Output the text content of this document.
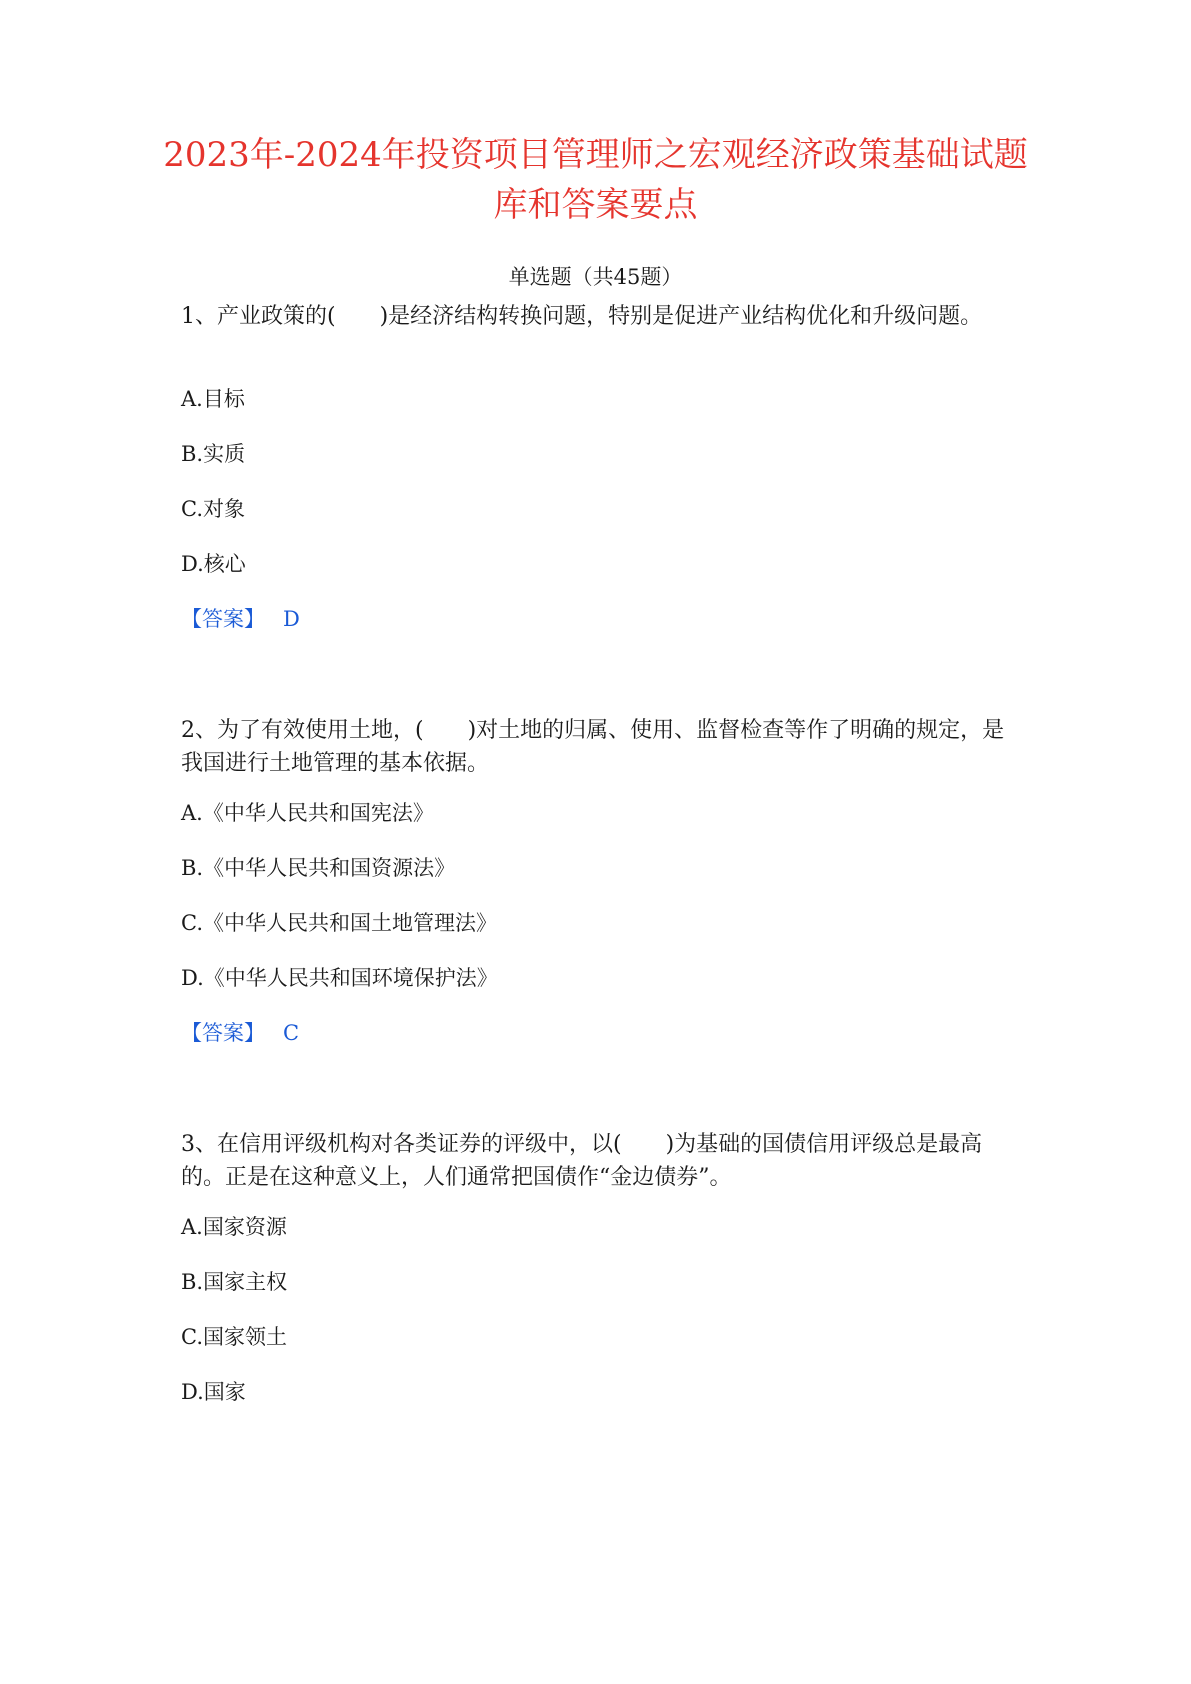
2023年-2024年投资项目管理师之宏观经济政策基础试题库和答案要点
单选题（共45题）

1、产业政策的(　　)是经济结构转换问题，特别是促进产业结构优化和升级问题。

A.目标
B.实质
C.对象
D.核心
【答案】 D

2、为了有效使用土地，(　　)对土地的归属、使用、监督检查等作了明确的规定，是我国进行土地管理的基本依据。

A.《中华人民共和国宪法》
B.《中华人民共和国资源法》
C.《中华人民共和国土地管理法》
D.《中华人民共和国环境保护法》
【答案】 C

3、在信用评级机构对各类证券的评级中，以(　　)为基础的国债信用评级总是最高的。正是在这种意义上，人们通常把国债作“金边债券”。

A.国家资源
B.国家主权
C.国家领土
D.国家
